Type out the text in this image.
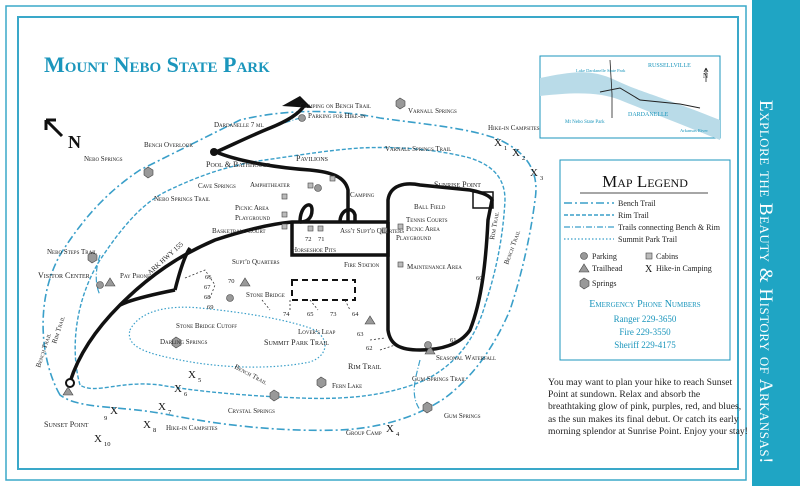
Mount Nebo State Park	RUSSELLVILLE
DARDANELLE
Lake Dardanelle State Park
Mt Nebo State Park
Arkansas River
N
N
Camping on Bench Trail
Parking for Hike-in
Dardanelle 7 mi.
Varnall Springs
Hike-in Campsites
Varnall Springs Trail
Bench Overlook
Nebo Springs
Pool & Bathhouse
Pavilions
Cave Springs Amphitheater
Camping
Sunrise Point
Nebo Springs Trail
Picnic Area
Playground
Ball Field
Tennis Courts
Picnic Area
Playground
Basketball Court
Horseshoe Pits
Ass't Supt'd Quarters
Nebo Steps Trail	ARK HWY 155	Supt'd Quarters	Fire Station	Maintenance Area
Visitor Center	Pay Phone
Stone Bridge
Stone Bridge Cutoff
Lover's Leap
Darling Springs	Summit Park Trail
Rim Trail
Bench Trail
Seasonal Waterfall
Fern Lake
Gum Springs Trail
Crystal Springs
Gum Springs
Group Camp
Hike-in Campsites
Sunset Point
Rim Trail
Bench Trail
Bench Trail
Rim Trail
72 71
70
66
67
68
69
65
74	73 64
63
62
61
60
X 1 X 2
X 3
X 4
X 5
X 6
X 7
X 8
X
9
X 10
Map Legend
Bench Trail
Rim Trail
Trails connecting Bench & Rim
Summit Park Trail
Parking	Cabins
Trailhead X Hike-in Camping
Springs
Emergency Phone Numbers
Ranger 229-3650
Fire 229-3550
Sheriff 229-4175
You may want to plan your hike to reach Sunset Point at sundown. Relax and absorb the breathtaking glow of pink, purples, red, and blues, as the sun makes its final debut. Or catch its early morning splendor at Sunrise Point. Enjoy your stay! Explore the Beauty & History of Arkansas!
